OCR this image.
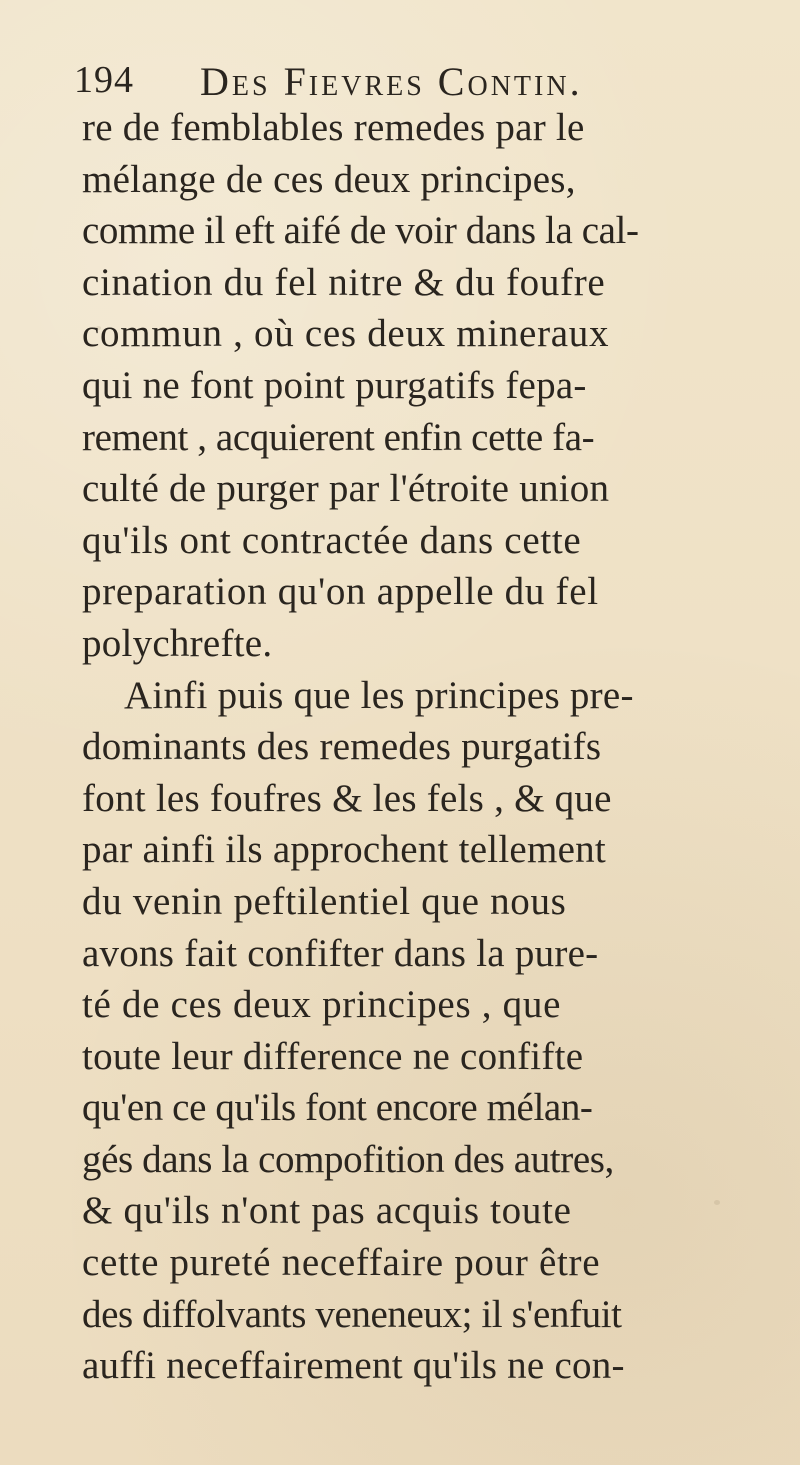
194 Des Fievres Contin.
re de femblables remedes par le
mélange de ces deux principes,
comme il eft aifé de voir dans la cal-
cination du fel nitre & du foufre
commun , où ces deux mineraux
qui ne font point purgatifs fepa-
rement , acquierent enfin cette fa-
culté de purger par l'étroite union
qu'ils ont contractée dans cette
preparation qu'on appelle du fel
polychrefte.
Ainfi puis que les principes pre-
dominants des remedes purgatifs
font les foufres & les fels , & que
par ainfi ils approchent tellement
du venin peftilentiel que nous
avons fait confifter dans la pure-
té de ces deux principes , que
toute leur difference ne confifte
qu'en ce qu'ils font encore mélan-
gés dans la compofition des autres,
& qu'ils n'ont pas acquis toute
cette pureté neceffaire pour être
des diffolvants veneneux; il s'enfuit
auffi neceffairement qu'ils ne con-
